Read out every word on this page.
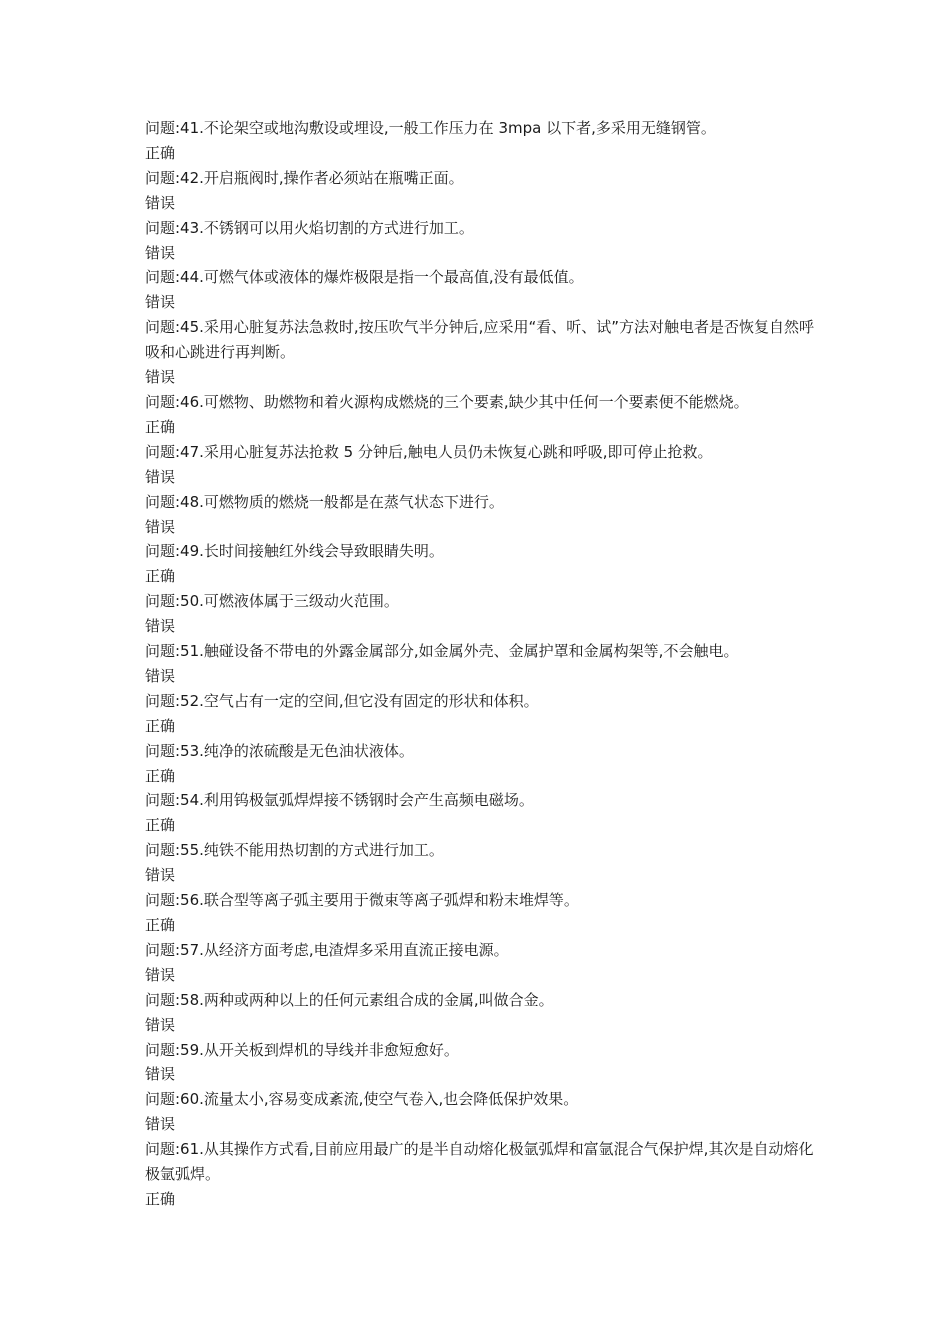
问题:41.不论架空或地沟敷设或埋设,一般工作压力在 3mpa 以下者,多采用无缝钢管。

正确

问题:42.开启瓶阀时,操作者必须站在瓶嘴正面。

错误

问题:43.不锈钢可以用火焰切割的方式进行加工。

错误

问题:44.可燃气体或液体的爆炸极限是指一个最高值,没有最低值。

错误

问题:45.采用心脏复苏法急救时,按压吹气半分钟后,应采用“看、听、试”方法对触电者是否恢复自然呼吸和心跳进行再判断。

错误

问题:46.可燃物、助燃物和着火源构成燃烧的三个要素,缺少其中任何一个要素便不能燃烧。

正确

问题:47.采用心脏复苏法抢救 5 分钟后,触电人员仍未恢复心跳和呼吸,即可停止抢救。

错误

问题:48.可燃物质的燃烧一般都是在蒸气状态下进行。

错误

问题:49.长时间接触红外线会导致眼睛失明。

正确

问题:50.可燃液体属于三级动火范围。

错误

问题:51.触碰设备不带电的外露金属部分,如金属外壳、金属护罩和金属构架等,不会触电。

错误

问题:52.空气占有一定的空间,但它没有固定的形状和体积。

正确

问题:53.纯净的浓硫酸是无色油状液体。

正确

问题:54.利用钨极氩弧焊焊接不锈钢时会产生高频电磁场。

正确

问题:55.纯铁不能用热切割的方式进行加工。

错误

问题:56.联合型等离子弧主要用于微束等离子弧焊和粉末堆焊等。

正确

问题:57.从经济方面考虑,电渣焊多采用直流正接电源。

错误

问题:58.两种或两种以上的任何元素组合成的金属,叫做合金。

错误

问题:59.从开关板到焊机的导线并非愈短愈好。

错误

问题:60.流量太小,容易变成紊流,使空气卷入,也会降低保护效果。

错误

问题:61.从其操作方式看,目前应用最广的是半自动熔化极氩弧焊和富氩混合气保护焊,其次是自动熔化极氩弧焊。

正确
